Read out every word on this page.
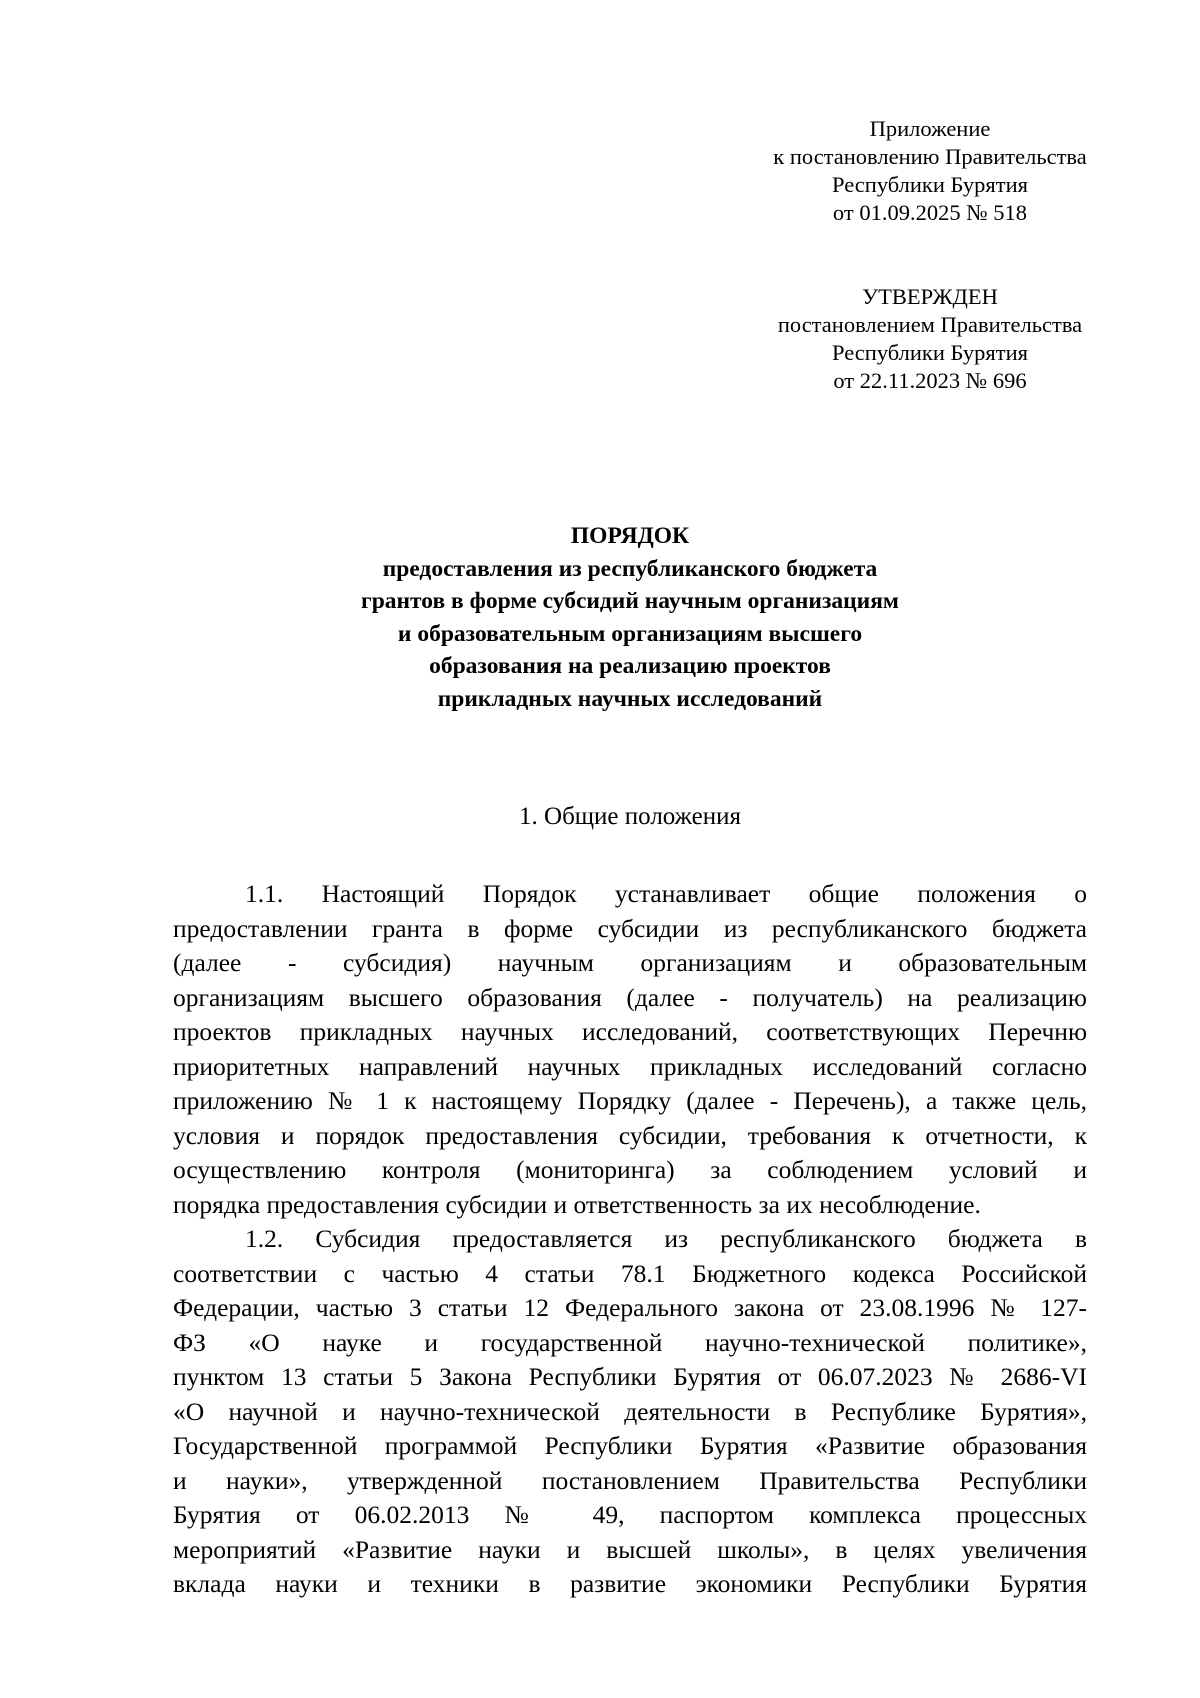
Приложение
к постановлению Правительства
Республики Бурятия
от 01.09.2025 № 518
УТВЕРЖДЕН
постановлением Правительства
Республики Бурятия
от 22.11.2023 № 696
ПОРЯДОК
предоставления из республиканского бюджета
грантов в форме субсидий научным организациям
и образовательным организациям высшего
образования на реализацию проектов
прикладных научных исследований
1. Общие положения
1.1. Настоящий Порядок устанавливает общие положения о
предоставлении гранта в форме субсидии из республиканского бюджета
(далее - субсидия) научным организациям и образовательным
организациям высшего образования (далее - получатель) на реализацию
проектов прикладных научных исследований, соответствующих Перечню
приоритетных направлений научных прикладных исследований согласно
приложению № 1 к настоящему Порядку (далее - Перечень), а также цель,
условия и порядок предоставления субсидии, требования к отчетности, к
осуществлению контроля (мониторинга) за соблюдением условий и
порядка предоставления субсидии и ответственность за их несоблюдение.
1.2. Субсидия предоставляется из республиканского бюджета в
соответствии с частью 4 статьи 78.1 Бюджетного кодекса Российской
Федерации, частью 3 статьи 12 Федерального закона от 23.08.1996 № 127-
ФЗ «О науке и государственной научно-технической политике»,
пунктом 13 статьи 5 Закона Республики Бурятия от 06.07.2023 № 2686-VI
«О научной и научно-технической деятельности в Республике Бурятия»,
Государственной программой Республики Бурятия «Развитие образования
и науки», утвержденной постановлением Правительства Республики
Бурятия от 06.02.2013 № 49, паспортом комплекса процессных
мероприятий «Развитие науки и высшей школы», в целях увеличения
вклада науки и техники в развитие экономики Республики Бурятия
